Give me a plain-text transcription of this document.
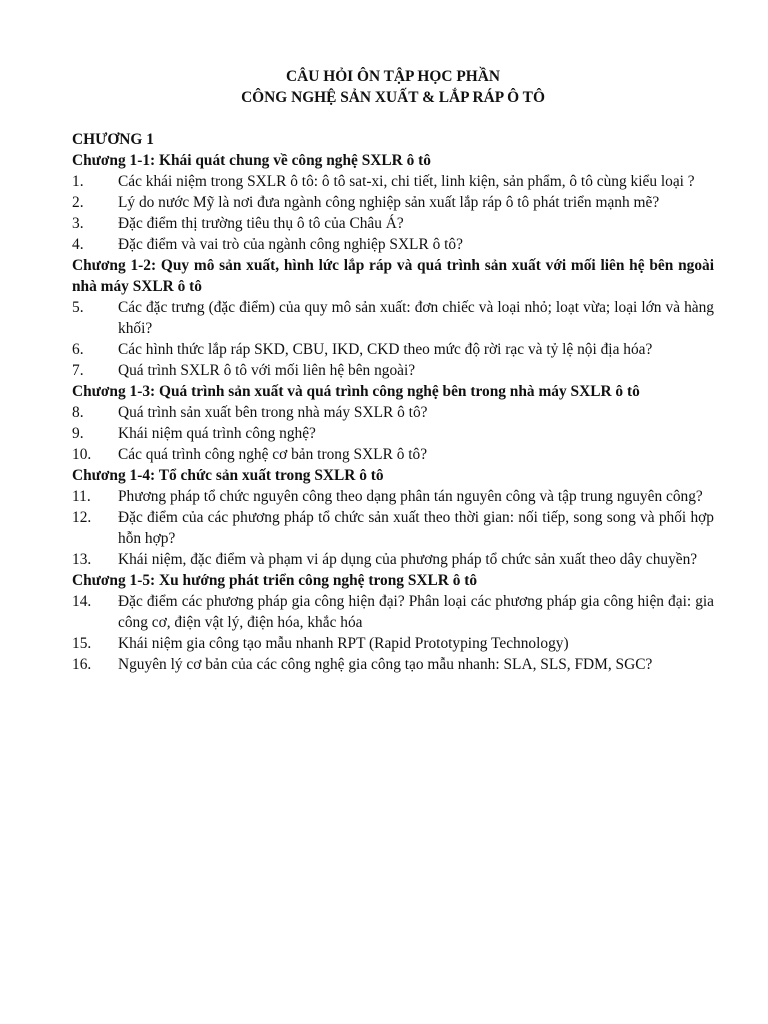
CÂU HỎI ÔN TẬP HỌC PHẦN

CÔNG NGHỆ SẢN XUẤT & LẮP RÁP Ô TÔ

CHƯƠNG 1

Chương 1-1: Khái quát chung về công nghệ SXLR ô tô

1.	Các khái niệm trong SXLR ô tô: ô tô sat-xi, chi tiết, linh kiện, sản phẩm, ô tô cùng kiểu loại ?
2.	Lý do nước Mỹ là nơi đưa ngành công nghiệp sản xuất lắp ráp ô tô phát triển mạnh mẽ?
3.	Đặc điểm thị trường tiêu thụ ô tô của Châu Á?
4.	Đặc điểm và vai trò của ngành công nghiệp SXLR ô tô?

Chương 1-2: Quy mô sản xuất, hình lức lắp ráp và quá trình sản xuất với mối liên hệ bên ngoài nhà máy SXLR ô tô

5.	Các đặc trưng (đặc điểm) của quy mô sản xuất: đơn chiếc và loại nhỏ; loạt vừa; loại lớn và hàng khối?
6.	Các hình thức lắp ráp SKD, CBU, IKD, CKD theo mức độ rời rạc và tỷ lệ nội địa hóa?
7.	Quá trình SXLR ô tô với mối liên hệ bên ngoài?

Chương 1-3: Quá trình sản xuất và quá trình công nghệ bên trong nhà máy SXLR ô tô

8.	Quá trình sản xuất bên trong nhà máy SXLR ô tô?
9.	Khái niệm quá trình công nghệ?
10.	Các quá trình công nghệ cơ bản trong SXLR ô tô?

Chương 1-4: Tổ chức sản xuất trong SXLR ô tô

11.	Phương pháp tổ chức nguyên công theo dạng phân tán nguyên công và tập trung nguyên công?
12.	Đặc điểm của các phương pháp tổ chức sản xuất theo thời gian: nối tiếp, song song và phối hợp hỗn hợp?
13.	Khái niệm, đặc điểm và phạm vi áp dụng của phương pháp tổ chức sản xuất theo dây chuyền?

Chương 1-5: Xu hướng phát triển công nghệ trong SXLR ô tô

14.	Đặc điểm các phương pháp gia công hiện đại? Phân loại các phương pháp gia công hiện đại: gia công cơ, điện vật lý, điện hóa, khắc hóa
15.	Khái niệm gia công tạo mẫu nhanh RPT (Rapid Prototyping Technology)
16.	Nguyên lý cơ bản của các công nghệ gia công tạo mẫu nhanh: SLA, SLS, FDM, SGC?
